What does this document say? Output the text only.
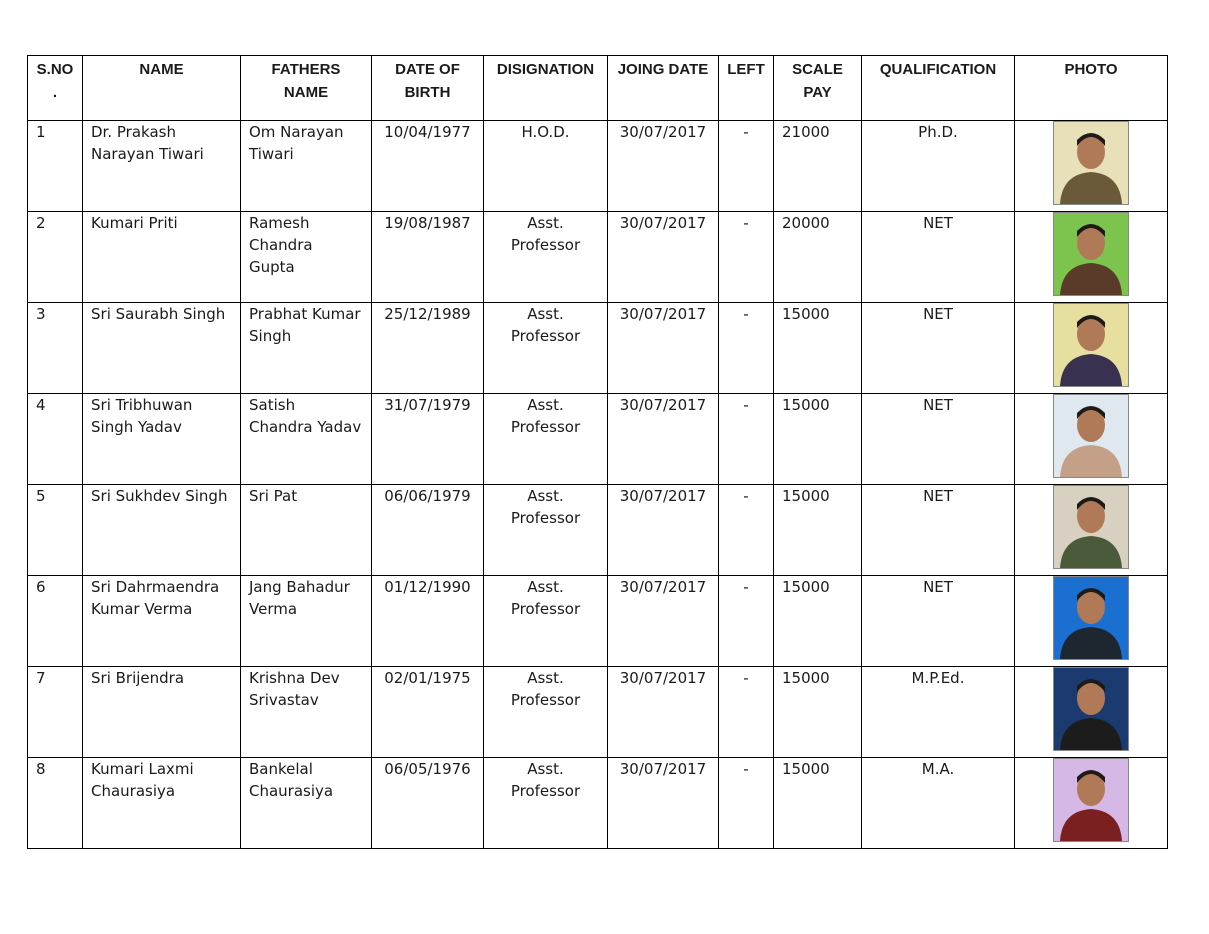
S.NO .	NAME	FATHERS NAME	DATE OF BIRTH	DISIGNATION	JOING DATE	LEFT	SCALE PAY	QUALIFICATION	PHOTO
1	Dr. Prakash Narayan Tiwari	Om Narayan Tiwari	10/04/1977	H.O.D.	30/07/2017	-	21000	Ph.D.	

2	Kumari Priti	Ramesh Chandra Gupta	19/08/1987	Asst. Professor	30/07/2017	-	20000	NET	

3	Sri Saurabh Singh	Prabhat Kumar Singh	25/12/1989	Asst. Professor	30/07/2017	-	15000	NET	

4	Sri Tribhuwan Singh Yadav	Satish Chandra Yadav	31/07/1979	Asst. Professor	30/07/2017	-	15000	NET	

5	Sri Sukhdev Singh	Sri Pat	06/06/1979	Asst. Professor	30/07/2017	-	15000	NET	

6	Sri Dahrmaendra Kumar Verma	Jang Bahadur Verma	01/12/1990	Asst. Professor	30/07/2017	-	15000	NET	

7	Sri Brijendra	Krishna Dev Srivastav	02/01/1975	Asst. Professor	30/07/2017	-	15000	M.P.Ed.	

8	Kumari Laxmi Chaurasiya	Bankelal Chaurasiya	06/05/1976	Asst. Professor	30/07/2017	-	15000	M.A.	
